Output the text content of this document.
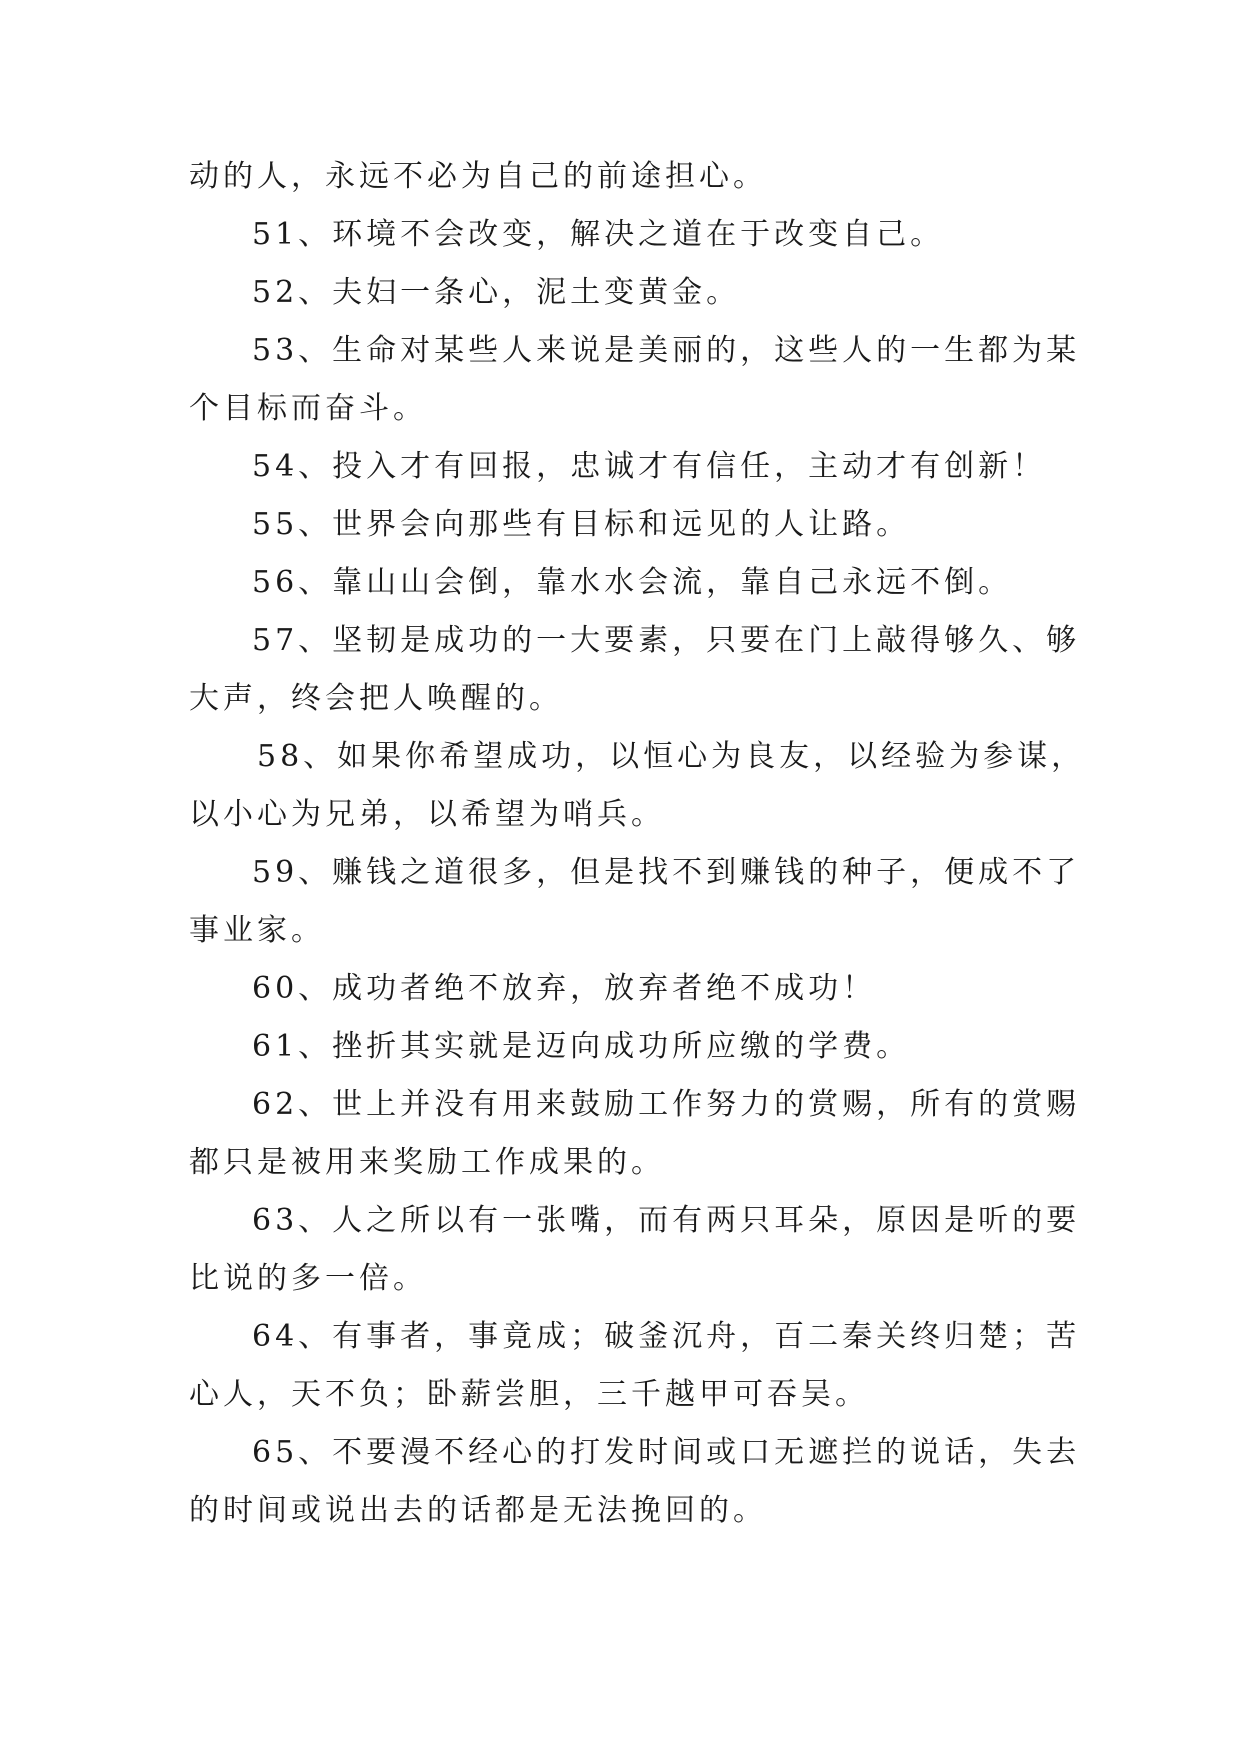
动的人，永远不必为自己的前途担心。

51、环境不会改变，解决之道在于改变自己。

52、夫妇一条心，泥土变黄金。

53、生命对某些人来说是美丽的，这些人的一生都为某

个目标而奋斗。

54、投入才有回报，忠诚才有信任，主动才有创新！

55、世界会向那些有目标和远见的人让路。

56、靠山山会倒，靠水水会流，靠自己永远不倒。

57、坚韧是成功的一大要素，只要在门上敲得够久、够

大声，终会把人唤醒的。

58、如果你希望成功，以恒心为良友，以经验为参谋，

以小心为兄弟，以希望为哨兵。

59、赚钱之道很多，但是找不到赚钱的种子，便成不了

事业家。

60、成功者绝不放弃，放弃者绝不成功！

61、挫折其实就是迈向成功所应缴的学费。

62、世上并没有用来鼓励工作努力的赏赐，所有的赏赐

都只是被用来奖励工作成果的。

63、人之所以有一张嘴，而有两只耳朵，原因是听的要

比说的多一倍。

64、有事者，事竟成；破釜沉舟，百二秦关终归楚；苦

心人，天不负；卧薪尝胆，三千越甲可吞吴。

65、不要漫不经心的打发时间或口无遮拦的说话，失去

的时间或说出去的话都是无法挽回的。
